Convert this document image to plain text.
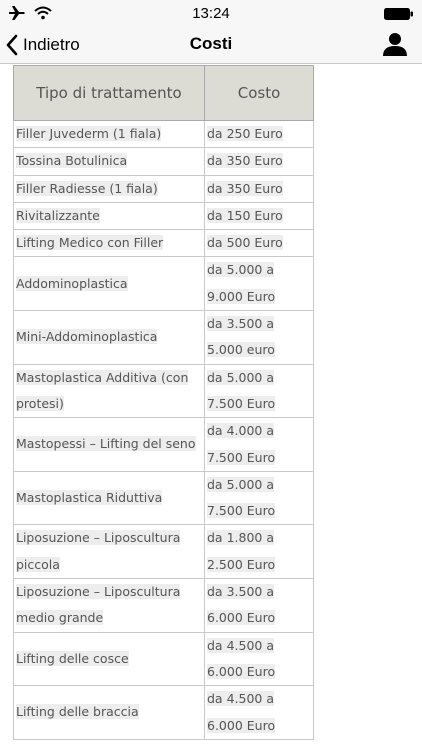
13:24
Indietro	Costi
Tipo di trattamento	Costo
Filler Juvederm (1 fiala)	da 250 Euro
Tossina Botulinica	da 350 Euro
Filler Radiesse (1 fiala)	da 350 Euro
Rivitalizzante	da 150 Euro
Lifting Medico con Filler	da 500 Euro
Addominoplastica	da 5.000 a
9.000 Euro
Mini-Addominoplastica	da 3.500 a
5.000 euro
Mastoplastica Additiva (con
protesi)	da 5.000 a
7.500 Euro
Mastopessi – Lifting del seno	da 4.000 a
7.500 Euro
Mastoplastica Riduttiva	da 5.000 a
7.500 Euro
Liposuzione – Liposcultura
piccola	da 1.800 a
2.500 Euro
Liposuzione – Liposcultura
medio grande	da 3.500 a
6.000 Euro
Lifting delle cosce	da 4.500 a
6.000 Euro
Lifting delle braccia	da 4.500 a
6.000 Euro
